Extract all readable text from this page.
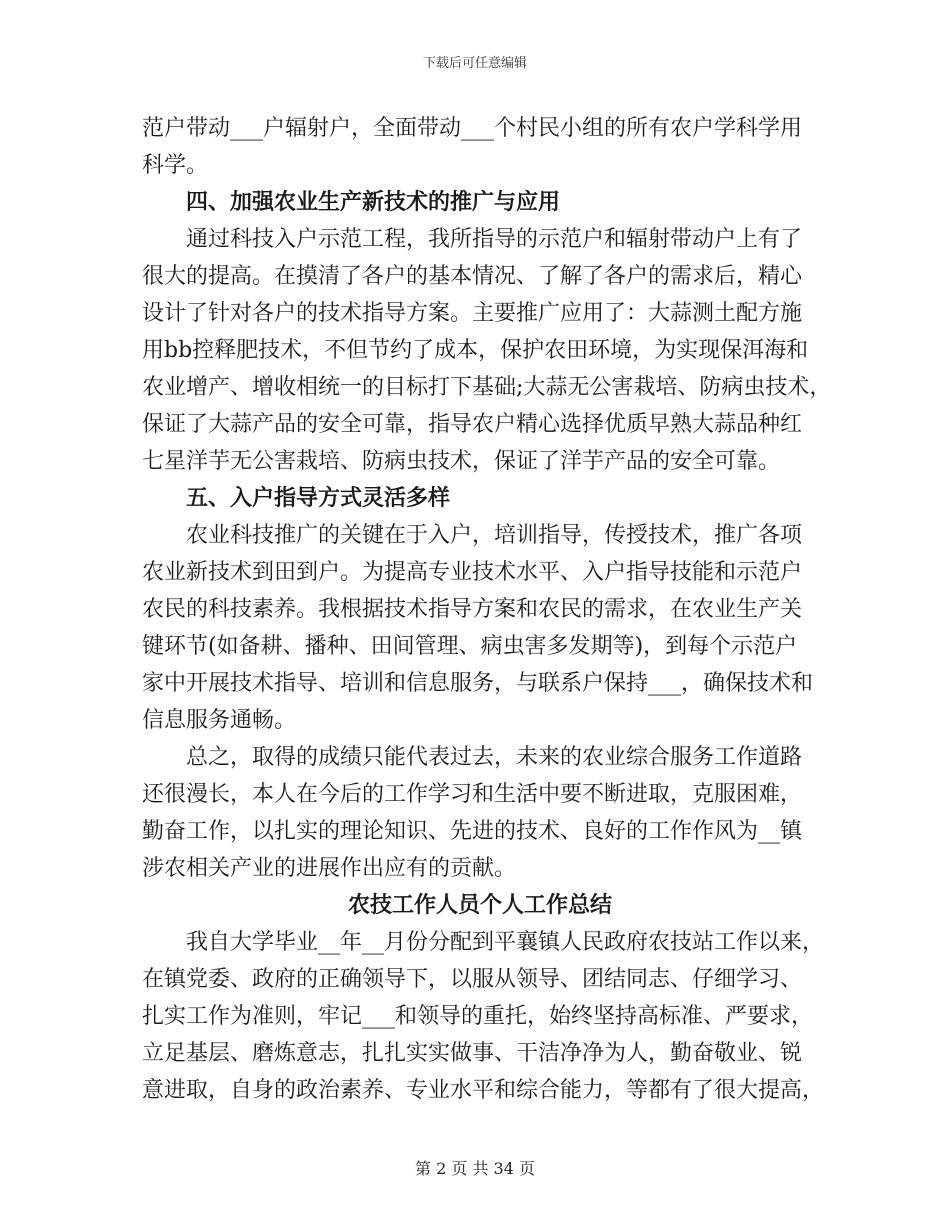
下载后可任意编辑
范户带动___户辐射户，全面带动___个村民小组的所有农户学科学用
科学。
四、加强农业生产新技术的推广与应用
通过科技入户示范工程，我所指导的示范户和辐射带动户上有了
很大的提高。在摸清了各户的基本情况、了解了各户的需求后，精心
设计了针对各户的技术指导方案。主要推广应用了：大蒜测土配方施
用bb控释肥技术，不但节约了成本，保护农田环境，为实现保洱海和
农业增产、增收相统一的目标打下基础;大蒜无公害栽培、防病虫技术，
保证了大蒜产品的安全可靠，指导农户精心选择优质早熟大蒜品种红
七星洋芋无公害栽培、防病虫技术，保证了洋芋产品的安全可靠。
五、入户指导方式灵活多样
农业科技推广的关键在于入户，培训指导，传授技术，推广各项
农业新技术到田到户。为提高专业技术水平、入户指导技能和示范户
农民的科技素养。我根据技术指导方案和农民的需求，在农业生产关
键环节(如备耕、播种、田间管理、病虫害多发期等)，到每个示范户
家中开展技术指导、培训和信息服务，与联系户保持___，确保技术和
信息服务通畅。
总之，取得的成绩只能代表过去，未来的农业综合服务工作道路
还很漫长，本人在今后的工作学习和生活中要不断进取，克服困难，
勤奋工作，以扎实的理论知识、先进的技术、良好的工作作风为__镇
涉农相关产业的进展作出应有的贡献。
农技工作人员个人工作总结
我自大学毕业__年__月份分配到平襄镇人民政府农技站工作以来，
在镇党委、政府的正确领导下，以服从领导、团结同志、仔细学习、
扎实工作为准则，牢记___和领导的重托，始终坚持高标准、严要求，
立足基层、磨炼意志，扎扎实实做事、干洁净净为人，勤奋敬业、锐
意进取，自身的政治素养、专业水平和综合能力，等都有了很大提高，
第 2 页 共 34 页
